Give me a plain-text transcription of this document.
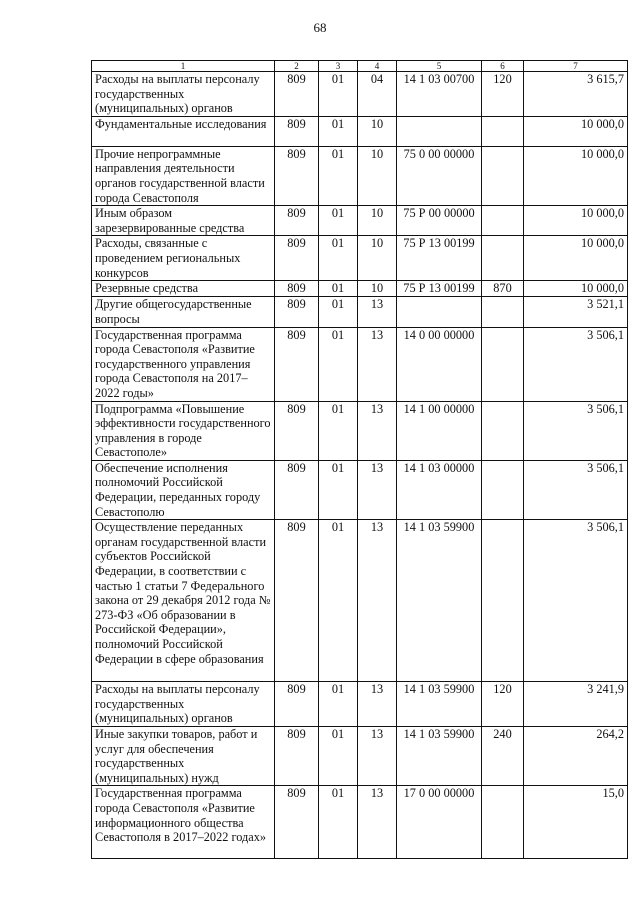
68
1	2	3	4	5	6	7
Расходы на выплаты персоналу государственных (муниципальных) органов	809	01	04	14 1 03 00700	120	3 615,7
Фундаментальные исследования	809	01	10			10 000,0
Прочие непрограммные направления деятельности органов государственной власти города Севастополя	809	01	10	75 0 00 00000		10 000,0
Иным образом зарезервированные средства	809	01	10	75 Р 00 00000		10 000,0
Расходы, связанные с проведением региональных конкурсов	809	01	10	75 Р 13 00199		10 000,0
Резервные средства	809	01	10	75 Р 13 00199	870	10 000,0
Другие общегосударственные вопросы	809	01	13			3 521,1
Государственная программа города Севастополя «Развитие государственного управления города Севастополя на 2017–2022 годы»	809	01	13	14 0 00 00000		3 506,1
Подпрограмма «Повышение эффективности государственного управления в городе Севастополе»	809	01	13	14 1 00 00000		3 506,1
Обеспечение исполнения полномочий Российской Федерации, переданных городу Севастополю	809	01	13	14 1 03 00000		3 506,1
Осуществление переданных органам государственной власти субъектов Российской Федерации, в соответствии с частью 1 статьи 7 Федерального закона от 29 декабря 2012 года № 273-ФЗ «Об образовании в Российской Федерации», полномочий Российской Федерации в сфере образования	809	01	13	14 1 03 59900		3 506,1
Расходы на выплаты персоналу государственных (муниципальных) органов	809	01	13	14 1 03 59900	120	3 241,9
Иные закупки товаров, работ и услуг для обеспечения государственных (муниципальных) нужд	809	01	13	14 1 03 59900	240	264,2
Государственная программа города Севастополя «Развитие информационного общества Севастополя в 2017–2022 годах»	809	01	13	17 0 00 00000		15,0
